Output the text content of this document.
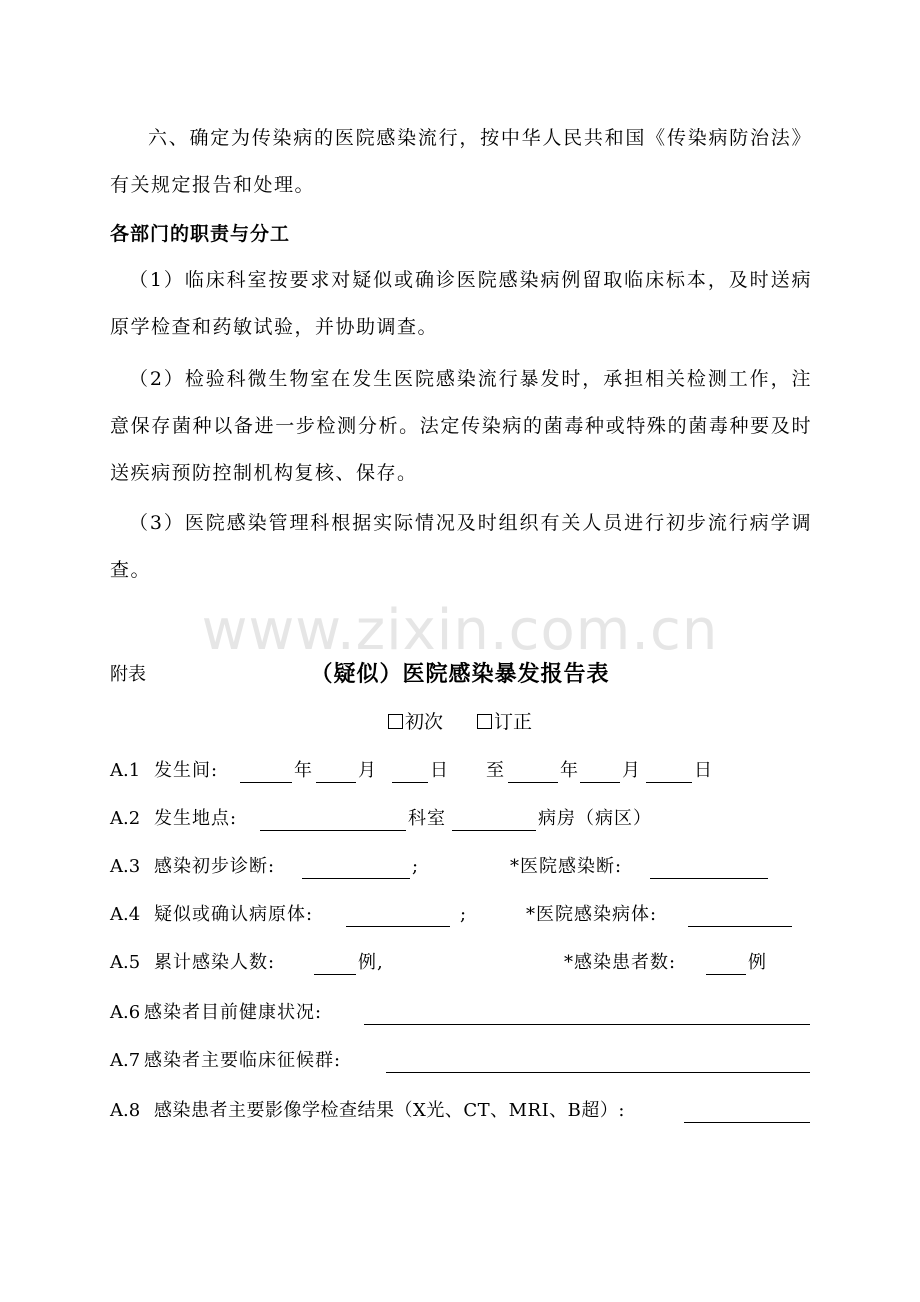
六、确定为传染病的医院感染流行，按中华人民共和国《传染病防治法》有关规定报告和处理。

各部门的职责与分工

（1）临床科室按要求对疑似或确诊医院感染病例留取临床标本，及时送病原学检查和药敏试验，并协助调查。

（2）检验科微生物室在发生医院感染流行暴发时，承担相关检测工作，注意保存菌种以备进一步检测分析。法定传染病的菌毒种或特殊的菌毒种要及时送疾病预防控制机构复核、保存。

（3）医院感染管理科根据实际情况及时组织有关人员进行初步流行病学调查。

www.zixin.com.cn
附表	（疑似）医院感染暴发报告表
初次	订正
A.1 发生间:	年	月	日 至	年 月	日
A.2 发生地点:	科室	病房（病区）
A.3 感染初步诊断:	;	*医院感染断:
A.4 疑似或确认病原体:	;	*医院感染病体:
A.5 累计感染人数:	例,	*感染患者数:	例
A.6 感染者目前健康状况:
A.7 感染者主要临床征候群:
A.8 感染患者主要影像学检查结果（X光、CT、MRI、B超）:
